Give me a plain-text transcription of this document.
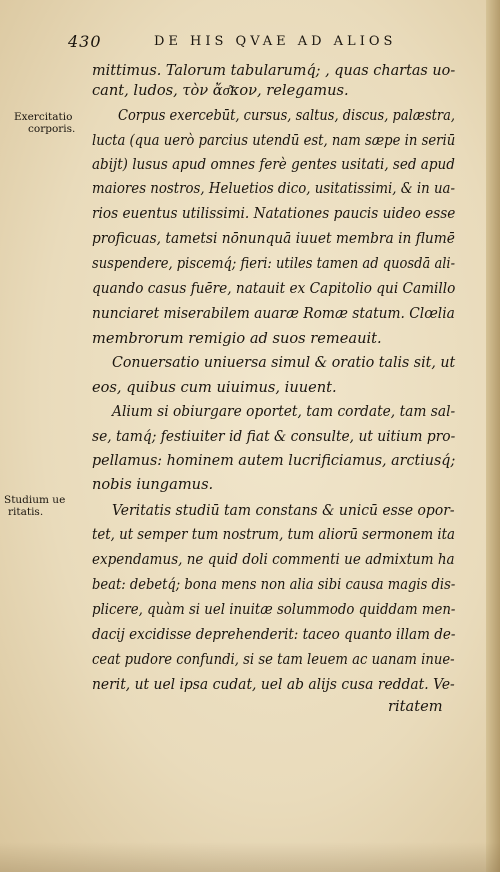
430	DE HIS QVAE AD ALIOS
Exercitatio
corporis.
Studium ue
ritatis.
mittimus. Talorum tabularumq́; , quas chartas uo-
cant, ludos, τὸν ἄσ͂κον, relegamus.
Corpus exercebūt, cursus, saltus, discus, palæstra,
lucta (qua uerò parcius utendū est, nam sæpe in seriū
abijt) lusus apud omnes ferè gentes usitati, sed apud
maiores nostros, Heluetios dico, usitatissimi, & in ua-
rios euentus utilissimi. Natationes paucis uideo esse
proficuas, tametsi nōnunquā iuuet membra in flumē
suspendere, piscemq́; fieri: utiles tamen ad quosdā ali-
quando casus fuēre, natauit ex Capitolio qui Camillo
nunciaret miserabilem auaræ Romæ statum. Clœlia
membrorum remigio ad suos remeauit.
Conuersatio uniuersa simul & oratio talis sit, ut
eos, quibus cum uiuimus, iuuent.
Alium si obiurgare oportet, tam cordate, tam sal-
se, tamq́; festiuiter id fiat & consulte, ut uitium pro-
pellamus: hominem autem lucrificiamus, arctiusq́;
nobis iungamus.
Veritatis studiū tam constans & unicū esse opor-
tet, ut semper tum nostrum, tum aliorū sermonem ita
expendamus, ne quid doli commenti ue admixtum ha
beat: debetq́; bona mens non alia sibi causa magis dis-
plicere, quàm si uel inuitæ solummodo quiddam men-
dacij excidisse deprehenderit: taceo quanto illam de-
ceat pudore confundi, si se tam leuem ac uanam inue-
nerit, ut uel ipsa cudat, uel ab alijs cusa reddat. Ve-
ritatem
